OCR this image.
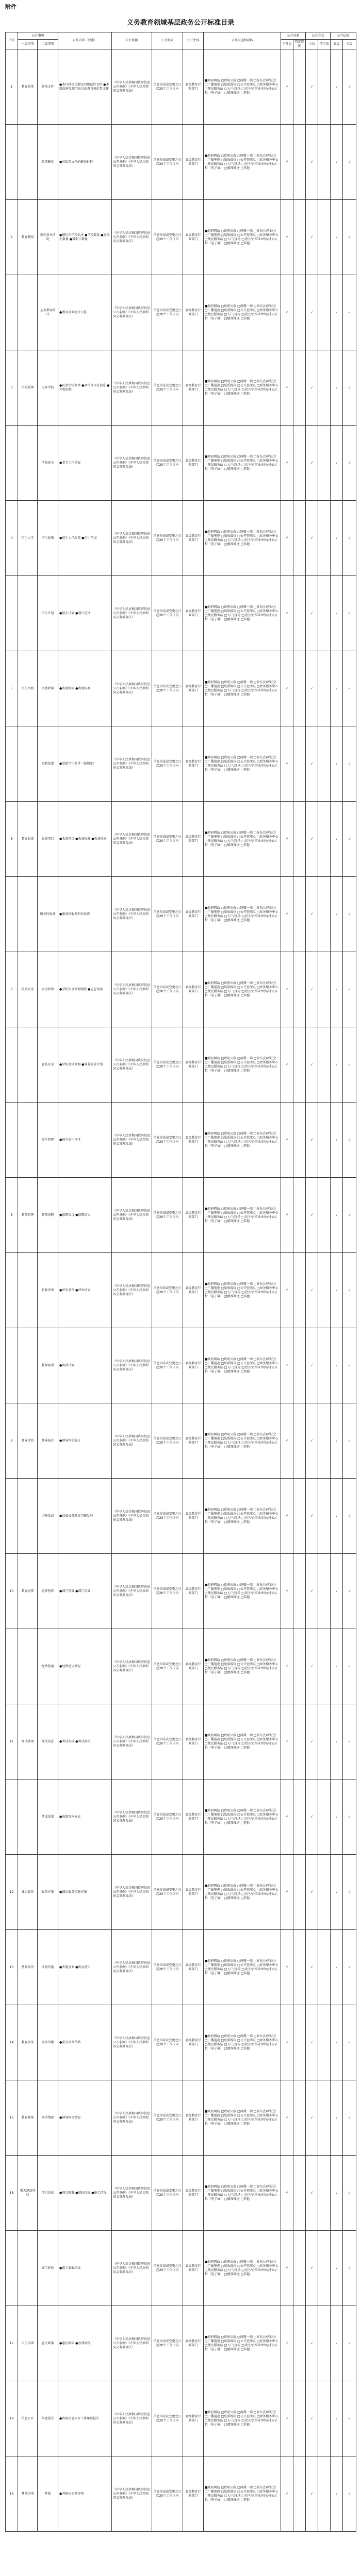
附件
义务教育领域基层政务公开标准目录
序号	公开事项		公开内容（要素）	公开依据	公开时限	公开主体	公开渠道和载体	公开对象		公开方式		公开层级	
	一级事项	二级事项						全社会	特定群体	主动	依申请	县级	乡级
1	教育政策	政策文件	●本行政机关制定的规范性文件 ●本级政府及部门出台的教育规范性文件	《中华人民共和国政府信息公开条例》《中华人民共和国义务教育法》	信息形成或变更之日起20个工作日内	县级教育行政部门	■政府网站 □政府公报 □两微一端 □发布会/听证会 □广播电视 □纸质媒体 □公开查阅点 □政务服务中心 □便民服务站 □入户/现场 □社区/企事业单位/村公示栏（电子屏） □精准推送 □其他	√		√		√	√
		政策解读	●对政策文件的解读材料	《中华人民共和国政府信息公开条例》《中华人民共和国义务教育法》	信息形成或变更之日起20个工作日内	县级教育行政部门	■政府网站 □政府公报 □两微一端 □发布会/听证会 □广播电视 □纸质媒体 □公开查阅点 □政务服务中心 □便民服务站 □入户/现场 □社区/企事业单位/村公示栏（电子屏） □精准推送 □其他	√		√		√	√
2	教育概况	教育基本情况	●辖区内学校名单 ●学校数量 ●在校生数量 ●教职工数量	《中华人民共和国政府信息公开条例》《中华人民共和国义务教育法》	信息形成或变更之日起20个工作日内	县级教育行政部门	■政府网站 □政府公报 □两微一端 □发布会/听证会 □广播电视 □纸质媒体 □公开查阅点 □政务服务中心 □便民服务站 □入户/现场 □社区/企事业单位/村公示栏（电子屏） □精准推送 □其他	√		√		√	√
		义务教育统计	●教育事业统计公报	《中华人民共和国政府信息公开条例》《中华人民共和国义务教育法》	信息形成或变更之日起20个工作日内	县级教育行政部门	■政府网站 □政府公报 □两微一端 □发布会/听证会 □广播电视 □纸质媒体 □公开查阅点 □政务服务中心 □便民服务站 □入户/现场 □社区/企事业单位/村公示栏（电子屏） □精准推送 □其他	√		√		√	√
3	学校管理	民办学校	●民办学校名单 ●办学许可证信息 ●年检结果	《中华人民共和国政府信息公开条例》《中华人民共和国义务教育法》	信息形成或变更之日起20个工作日内	县级教育行政部门	■政府网站 □政府公报 □两微一端 □发布会/听证会 □广播电视 □纸质媒体 □公开查阅点 □政务服务中心 □便民服务站 □入户/现场 □社区/企事业单位/村公示栏（电子屏） □精准推送 □其他	√		√		√	√
		学校安全	●安全工作情况	《中华人民共和国政府信息公开条例》《中华人民共和国义务教育法》	信息形成或变更之日起20个工作日内	县级教育行政部门	■政府网站 □政府公报 □两微一端 □发布会/听证会 □广播电视 □纸质媒体 □公开查阅点 □政务服务中心 □便民服务站 □入户/现场 □社区/企事业单位/村公示栏（电子屏） □精准推送 □其他	√		√		√	√
4	招生入学	招生政策	●招生入学政策 ●招生范围	《中华人民共和国政府信息公开条例》《中华人民共和国义务教育法》	信息形成或变更之日起20个工作日内	县级教育行政部门	■政府网站 □政府公报 □两微一端 □发布会/听证会 □广播电视 □纸质媒体 □公开查阅点 □政务服务中心 □便民服务站 □入户/现场 □社区/企事业单位/村公示栏（电子屏） □精准推送 □其他	√		√		√	√
		招生计划	●招生计划 ●划片范围	《中华人民共和国政府信息公开条例》《中华人民共和国义务教育法》	信息形成或变更之日起20个工作日内	县级教育行政部门	■政府网站 □政府公报 □两微一端 □发布会/听证会 □广播电视 □纸质媒体 □公开查阅点 □政务服务中心 □便民服务站 □入户/现场 □社区/企事业单位/村公示栏（电子屏） □精准推送 □其他	√		√		√	√
5	学生资助	资助政策	●资助政策 ●资助标准	《中华人民共和国政府信息公开条例》《中华人民共和国义务教育法》	信息形成或变更之日起20个工作日内	县级教育行政部门	■政府网站 □政府公报 □两微一端 □发布会/听证会 □广播电视 □纸质媒体 □公开查阅点 □政务服务中心 □便民服务站 □入户/现场 □社区/企事业单位/村公示栏（电子屏） □精准推送 □其他	√		√		√	√
		资助结果	●受助学生名单（按规定）	《中华人民共和国政府信息公开条例》《中华人民共和国义务教育法》	信息形成或变更之日起20个工作日内	县级教育行政部门	■政府网站 □政府公报 □两微一端 □发布会/听证会 □广播电视 □纸质媒体 □公开查阅点 □政务服务中心 □便民服务站 □入户/现场 □社区/企事业单位/村公示栏（电子屏） □精准推送 □其他	√		√		√	√
6	教育收费	收费项目	●收费项目 ●收费标准 ●收费依据	《中华人民共和国政府信息公开条例》《中华人民共和国义务教育法》	信息形成或变更之日起20个工作日内	县级教育行政部门	■政府网站 □政府公报 □两微一端 □发布会/听证会 □广播电视 □纸质媒体 □公开查阅点 □政务服务中心 □便民服务站 □入户/现场 □社区/企事业单位/村公示栏（电子屏） □精准推送 □其他	√		√		√	√
		服务性收费	●服务性收费和代收费	《中华人民共和国政府信息公开条例》《中华人民共和国义务教育法》	信息形成或变更之日起20个工作日内	县级教育行政部门	■政府网站 □政府公报 □两微一端 □发布会/听证会 □广播电视 □纸质媒体 □公开查阅点 □政务服务中心 □便民服务站 □入户/现场 □社区/企事业单位/村公示栏（电子屏） □精准推送 □其他	√		√		√	√
7	校园安全	安全管理	●学校安全管理制度 ●应急预案	《中华人民共和国政府信息公开条例》《中华人民共和国义务教育法》	信息形成或变更之日起20个工作日内	县级教育行政部门	■政府网站 □政府公报 □两微一端 □发布会/听证会 □广播电视 □纸质媒体 □公开查阅点 □政务服务中心 □便民服务站 □入户/现场 □社区/企事业单位/村公示栏（电子屏） □精准推送 □其他	√		√		√	√
		食品安全	●学校食堂管理 ●营养改善计划	《中华人民共和国政府信息公开条例》《中华人民共和国义务教育法》	信息形成或变更之日起20个工作日内	县级教育行政部门	■政府网站 □政府公报 □两微一端 □发布会/听证会 □广播电视 □纸质媒体 □公开查阅点 □政务服务中心 □便民服务站 □入户/现场 □社区/企事业单位/村公示栏（电子屏） □精准推送 □其他	√		√		√	√
		校车管理	●校车使用许可	《中华人民共和国政府信息公开条例》《中华人民共和国义务教育法》	信息形成或变更之日起20个工作日内	县级教育行政部门	■政府网站 □政府公报 □两微一端 □发布会/听证会 □广播电视 □纸质媒体 □公开查阅点 □政务服务中心 □便民服务站 □入户/现场 □社区/企事业单位/村公示栏（电子屏） □精准推送 □其他	√		√		√	√
8	教师管理	教师招聘	●招聘公告 ●招聘结果	《中华人民共和国政府信息公开条例》《中华人民共和国义务教育法》	信息形成或变更之日起20个工作日内	县级教育行政部门	■政府网站 □政府公报 □两微一端 □发布会/听证会 □广播电视 □纸质媒体 □公开查阅点 □政务服务中心 □便民服务站 □入户/现场 □社区/企事业单位/村公示栏（电子屏） □精准推送 □其他	√		√		√	√
		职称评审	●评审条件 ●评审结果	《中华人民共和国政府信息公开条例》《中华人民共和国义务教育法》	信息形成或变更之日起20个工作日内	县级教育行政部门	■政府网站 □政府公报 □两微一端 □发布会/听证会 □广播电视 □纸质媒体 □公开查阅点 □政务服务中心 □便民服务站 □入户/现场 □社区/企事业单位/村公示栏（电子屏） □精准推送 □其他	√		√		√	√
		教师培训	●培训计划	《中华人民共和国政府信息公开条例》《中华人民共和国义务教育法》	信息形成或变更之日起20个工作日内	县级教育行政部门	■政府网站 □政府公报 □两微一端 □发布会/听证会 □广播电视 □纸质媒体 □公开查阅点 □政务服务中心 □便民服务站 □入户/现场 □社区/企事业单位/村公示栏（电子屏） □精准推送 □其他	√		√		√	√
9	督导评估	督导报告	●督导评估报告	《中华人民共和国政府信息公开条例》《中华人民共和国义务教育法》	信息形成或变更之日起20个工作日内	县级教育行政部门	■政府网站 □政府公报 □两微一端 □发布会/听证会 □广播电视 □纸质媒体 □公开查阅点 □政务服务中心 □便民服务站 □入户/现场 □社区/企事业单位/村公示栏（电子屏） □精准推送 □其他	√		√		√	√
		均衡发展	●县域义务教育均衡发展	《中华人民共和国政府信息公开条例》《中华人民共和国义务教育法》	信息形成或变更之日起20个工作日内	县级教育行政部门	■政府网站 □政府公报 □两微一端 □发布会/听证会 □广播电视 □纸质媒体 □公开查阅点 □政务服务中心 □便民服务站 □入户/现场 □社区/企事业单位/村公示栏（电子屏） □精准推送 □其他	√		√		√	√
10	教育经费	经费预算	●部门预算 ●部门决算	《中华人民共和国政府信息公开条例》《中华人民共和国义务教育法》	信息形成或变更之日起20个工作日内	县级教育行政部门	■政府网站 □政府公报 □两微一端 □发布会/听证会 □广播电视 □纸质媒体 □公开查阅点 □政务服务中心 □便民服务站 □入户/现场 □社区/企事业单位/村公示栏（电子屏） □精准推送 □其他	√		√		√	√
		经费使用	●经费使用情况	《中华人民共和国政府信息公开条例》《中华人民共和国义务教育法》	信息形成或变更之日起20个工作日内	县级教育行政部门	■政府网站 □政府公报 □两微一端 □发布会/听证会 □广播电视 □纸质媒体 □公开查阅点 □政务服务中心 □便民服务站 □入户/现场 □社区/企事业单位/村公示栏（电子屏） □精准推送 □其他	√		√		√	√
11	考试管理	考试信息	●考试安排 ●考试政策	《中华人民共和国政府信息公开条例》《中华人民共和国义务教育法》	信息形成或变更之日起20个工作日内	县级教育行政部门	■政府网站 □政府公报 □两微一端 □发布会/听证会 □广播电视 □纸质媒体 □公开查阅点 □政务服务中心 □便民服务站 □入户/现场 □社区/企事业单位/村公示栏（电子屏） □精准推送 □其他	√		√		√	√
		考试结果	●成绩查询方式	《中华人民共和国政府信息公开条例》《中华人民共和国义务教育法》	信息形成或变更之日起20个工作日内	县级教育行政部门	■政府网站 □政府公报 □两微一端 □发布会/听证会 □广播电视 □纸质媒体 □公开查阅点 □政务服务中心 □便民服务站 □入户/现场 □社区/企事业单位/村公示栏（电子屏） □精准推送 □其他	√		√		√	√
12	课后服务	服务方案	●课后服务实施方案	《中华人民共和国政府信息公开条例》《中华人民共和国义务教育法》	信息形成或变更之日起20个工作日内	县级教育行政部门	■政府网站 □政府公报 □两微一端 □发布会/听证会 □广播电视 □纸质媒体 □公开查阅点 □政务服务中心 □便民服务站 □入户/现场 □社区/企事业单位/村公示栏（电子屏） □精准推送 □其他	√		√		√	√
13	营养改善	计划实施	●实施方案 ●资金使用	《中华人民共和国政府信息公开条例》《中华人民共和国义务教育法》	信息形成或变更之日起20个工作日内	县级教育行政部门	■政府网站 □政府公报 □两微一端 □发布会/听证会 □广播电视 □纸质媒体 □公开查阅点 □政务服务中心 □便民服务站 □入户/现场 □社区/企事业单位/村公示栏（电子屏） □精准推送 □其他	√		√		√	√
14	教育改革	改革举措	●重大改革举措	《中华人民共和国政府信息公开条例》《中华人民共和国义务教育法》	信息形成或变更之日起20个工作日内	县级教育行政部门	■政府网站 □政府公报 □两微一端 □发布会/听证会 □广播电视 □纸质媒体 □公开查阅点 □政务服务中心 □便民服务站 □入户/现场 □社区/企事业单位/村公示栏（电子屏） □精准推送 □其他	√		√		√	√
15	教育督导	问责情况	●督导问责情况	《中华人民共和国政府信息公开条例》《中华人民共和国义务教育法》	信息形成或变更之日起20个工作日内	县级教育行政部门	■政府网站 □政府公报 □两微一端 □发布会/听证会 □广播电视 □纸质媒体 □公开查阅点 □政务服务中心 □便民服务站 □入户/现场 □社区/企事业单位/村公示栏（电子屏） □精准推送 □其他	√		√		√	√
16	重大建设项目	项目信息	●项目批准 ●招标投标 ●施工情况	《中华人民共和国政府信息公开条例》《中华人民共和国义务教育法》	信息形成或变更之日起20个工作日内	县级教育行政部门	■政府网站 □政府公报 □两微一端 □发布会/听证会 □广播电视 □纸质媒体 □公开查阅点 □政务服务中心 □便民服务站 □入户/现场 □社区/企事业单位/村公示栏（电子屏） □精准推送 □其他	√		√		√	√
		竣工验收	●竣工验收结果	《中华人民共和国政府信息公开条例》《中华人民共和国义务教育法》	信息形成或变更之日起20个工作日内	县级教育行政部门	■政府网站 □政府公报 □两微一端 □发布会/听证会 □广播电视 □纸质媒体 □公开查阅点 □政务服务中心 □便民服务站 □入户/现场 □社区/企事业单位/村公示栏（电子屏） □精准推送 □其他	√		√		√	√
17	民生事项	惠民政策	●惠民政策 ●办理流程	《中华人民共和国政府信息公开条例》《中华人民共和国义务教育法》	信息形成或变更之日起20个工作日内	县级教育行政部门	■政府网站 □政府公报 □两微一端 □发布会/听证会 □广播电视 □纸质媒体 □公开查阅点 □政务服务中心 □便民服务站 □入户/现场 □社区/企事业单位/村公示栏（电子屏） □精准推送 □其他	√		√		√	√
18	信息公开	年度报告	●政府信息公开工作年度报告	《中华人民共和国政府信息公开条例》《中华人民共和国义务教育法》	信息形成或变更之日起20个工作日内	县级教育行政部门	■政府网站 □政府公报 □两微一端 □发布会/听证会 □广播电视 □纸质媒体 □公开查阅点 □政务服务中心 □便民服务站 □入户/现场 □社区/企事业单位/村公示栏（电子屏） □精准推送 □其他	√		√		√	√
19	其他事项	其他	●其他应公开事项	《中华人民共和国政府信息公开条例》《中华人民共和国义务教育法》	信息形成或变更之日起20个工作日内	县级教育行政部门	■政府网站 □政府公报 □两微一端 □发布会/听证会 □广播电视 □纸质媒体 □公开查阅点 □政务服务中心 □便民服务站 □入户/现场 □社区/企事业单位/村公示栏（电子屏） □精准推送 □其他	√		√		√	√
